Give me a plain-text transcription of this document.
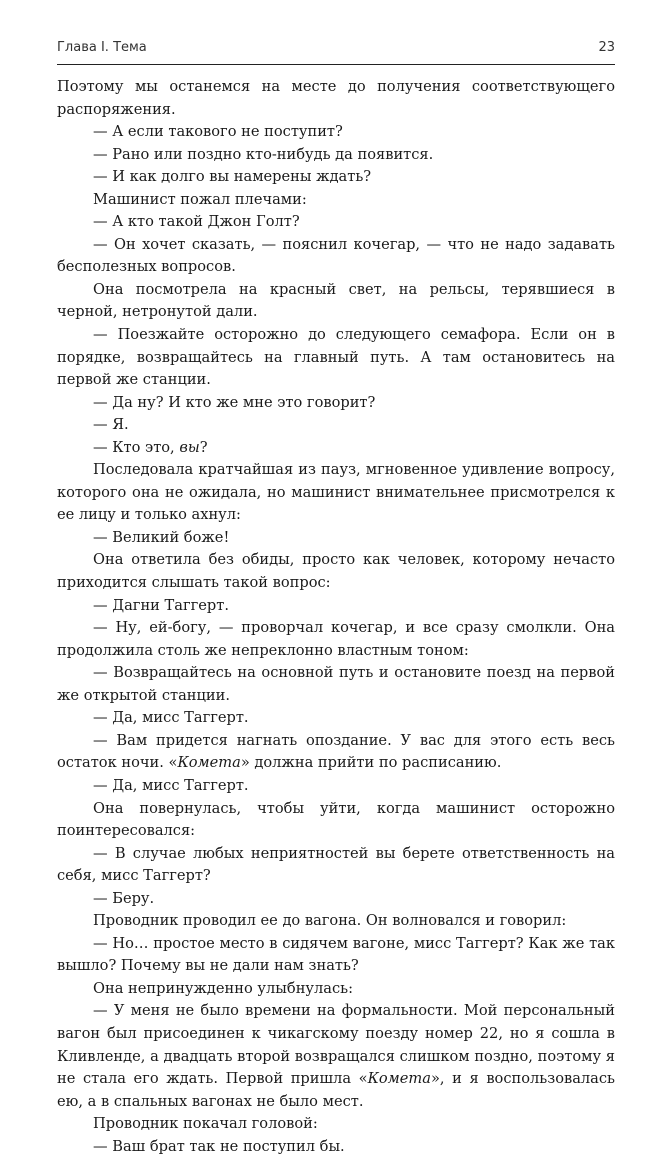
Глава I. Тема	23

Поэтому мы останемся на месте до получения соответствующего распоряжения.

— А если такового не поступит?

— Рано или поздно кто-нибудь да появится.

— И как долго вы намерены ждать?

Машинист пожал плечами:

— А кто такой Джон Голт?

— Он хочет сказать, — пояснил кочегар, — что не надо задавать бесполезных вопросов.

Она посмотрела на красный свет, на рельсы, терявшиеся в черной, нетронутой дали.

— Поезжайте осторожно до следующего семафора. Если он в порядке, возвращайтесь на главный путь. А там остановитесь на первой же станции.

— Да ну? И кто же мне это говорит?

— Я.

— Кто это, вы?

Последовала кратчайшая из пауз, мгновенное удивление вопросу, которого она не ожидала, но машинист внимательнее присмотрелся к ее лицу и только ахнул:

— Великий боже!

Она ответила без обиды, просто как человек, которому нечасто приходится слышать такой вопрос:

— Дагни Таггерт.

— Ну, ей-богу, — проворчал кочегар, и все сразу смолкли. Она продолжила столь же непреклонно властным тоном:

— Возвращайтесь на основной путь и остановите поезд на первой же открытой станции.

— Да, мисс Таггерт.

— Вам придется нагнать опоздание. У вас для этого есть весь остаток ночи. «Комета» должна прийти по расписанию.

— Да, мисс Таггерт.

Она повернулась, чтобы уйти, когда машинист осторожно поинтересовался:

— В случае любых неприятностей вы берете ответственность на себя, мисс Таггерт?

— Беру.

Проводник проводил ее до вагона. Он волновался и говорил:

— Но… простое место в сидячем вагоне, мисс Таггерт? Как же так вышло? Почему вы не дали нам знать?

Она непринужденно улыбнулась:

— У меня не было времени на формальности. Мой персональный вагон был присоединен к чикагскому поезду номер 22, но я сошла в Кливленде, а двадцать второй возвращался слишком поздно, поэтому я не стала его ждать. Первой пришла «Комета», и я воспользовалась ею, а в спальных вагонах не было мест.

Проводник покачал головой:

— Ваш брат так не поступил бы.
